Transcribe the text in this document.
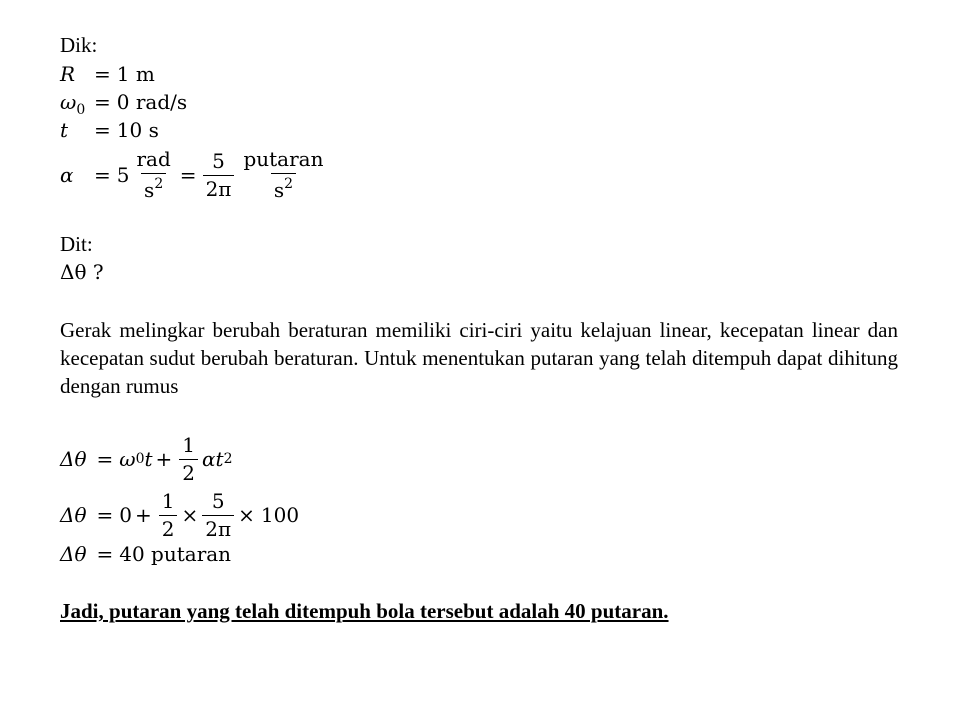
Dik:
R = 1 m
$\omega_0 = 0$ rad/s
t = 10 s
α	= $5 \frac{\text{rad}}{s^2} = \frac{5}{2\pi} \frac{\text{putaran}}{s^2}$
Dit:
Δθ ?
Gerak melingkar berubah beraturan memiliki ciri-ciri yaitu kelajuan linear, kecepatan linear dan kecepatan sudut berubah beraturan. Untuk menentukan putaran yang telah ditempuh dapat dihitung dengan rumus
Δθ = ω 0 $t + \frac{1}{2}$ α t 2
$\Delta\theta = 0 + \frac{1}{2} \times \frac{5}{2\pi} \times 100$
Δθ = 40 putaran
Jadi, putaran yang telah ditempuh bola tersebut adalah 40 putaran.
